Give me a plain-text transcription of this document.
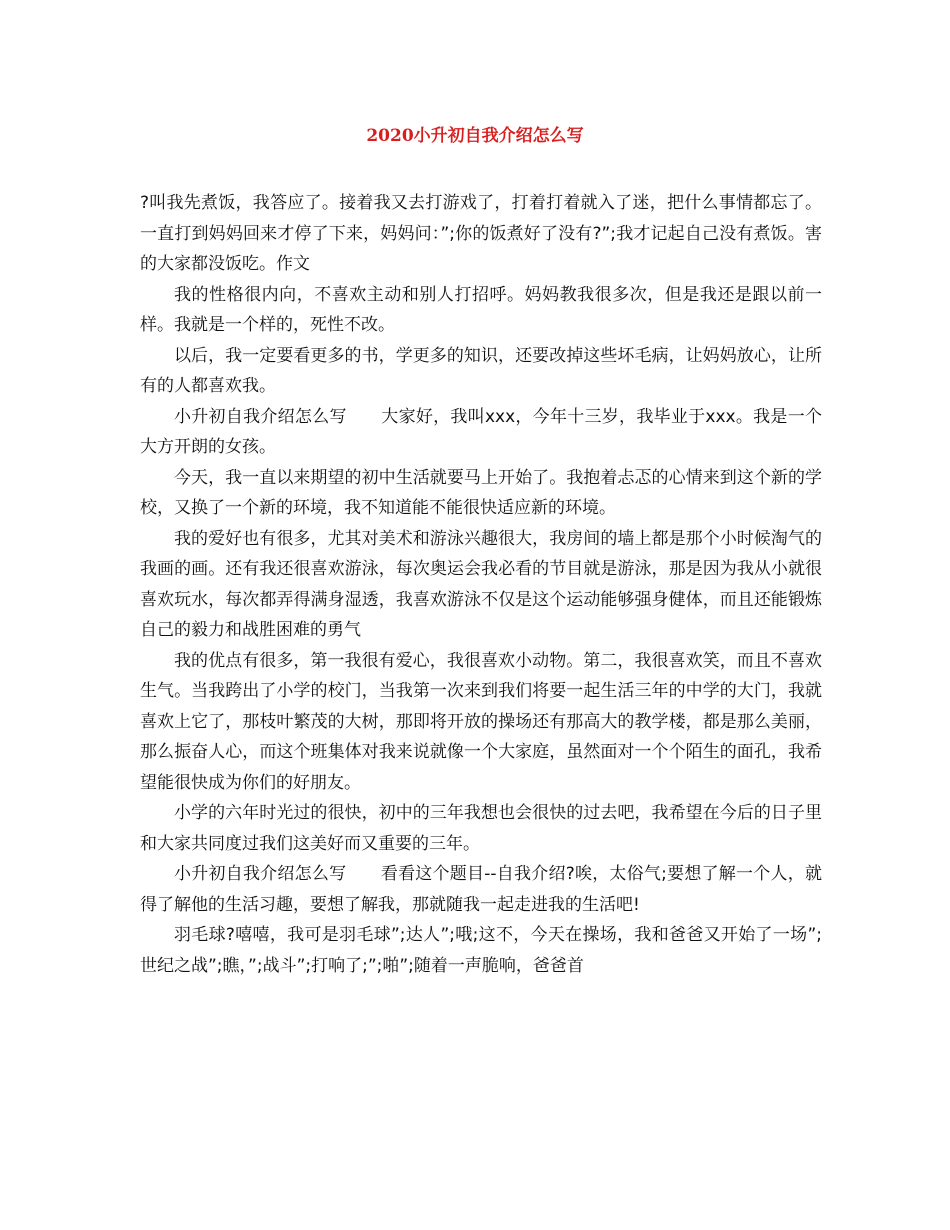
2020小升初自我介绍怎么写

?叫我先煮饭，我答应了。接着我又去打游戏了，打着打着就入了迷，把什么事情都忘了。一直打到妈妈回来才停了下来，妈妈问：”;你的饭煮好了没有?”;我才记起自己没有煮饭。害的大家都没饭吃。作文

我的性格很内向，不喜欢主动和别人打招呼。妈妈教我很多次，但是我还是跟以前一样。我就是一个样的，死性不改。

以后，我一定要看更多的书，学更多的知识，还要改掉这些坏毛病，让妈妈放心，让所有的人都喜欢我。

小升初自我介绍怎么写　　大家好，我叫xxx，今年十三岁，我毕业于xxx。我是一个大方开朗的女孩。

今天，我一直以来期望的初中生活就要马上开始了。我抱着忐忑的心情来到这个新的学校，又换了一个新的环境，我不知道能不能很快适应新的环境。

我的爱好也有很多，尤其对美术和游泳兴趣很大，我房间的墙上都是那个小时候淘气的我画的画。还有我还很喜欢游泳，每次奥运会我必看的节目就是游泳，那是因为我从小就很喜欢玩水，每次都弄得满身湿透，我喜欢游泳不仅是这个运动能够强身健体，而且还能锻炼自己的毅力和战胜困难的勇气

我的优点有很多，第一我很有爱心，我很喜欢小动物。第二，我很喜欢笑，而且不喜欢生气。当我跨出了小学的校门，当我第一次来到我们将要一起生活三年的中学的大门，我就喜欢上它了，那枝叶繁茂的大树，那即将开放的操场还有那高大的教学楼，都是那么美丽，那么振奋人心，而这个班集体对我来说就像一个大家庭，虽然面对一个个陌生的面孔，我希望能很快成为你们的好朋友。

小学的六年时光过的很快，初中的三年我想也会很快的过去吧，我希望在今后的日子里和大家共同度过我们这美好而又重要的三年。

小升初自我介绍怎么写　　看看这个题目--自我介绍?唉，太俗气;要想了解一个人，就得了解他的生活习趣，要想了解我，那就随我一起走进我的生活吧!

羽毛球?嘻嘻，我可是羽毛球”;达人”;哦;这不，今天在操场，我和爸爸又开始了一场”;世纪之战”;瞧，”;战斗”;打响了;”;啪”;随着一声脆响，爸爸首
